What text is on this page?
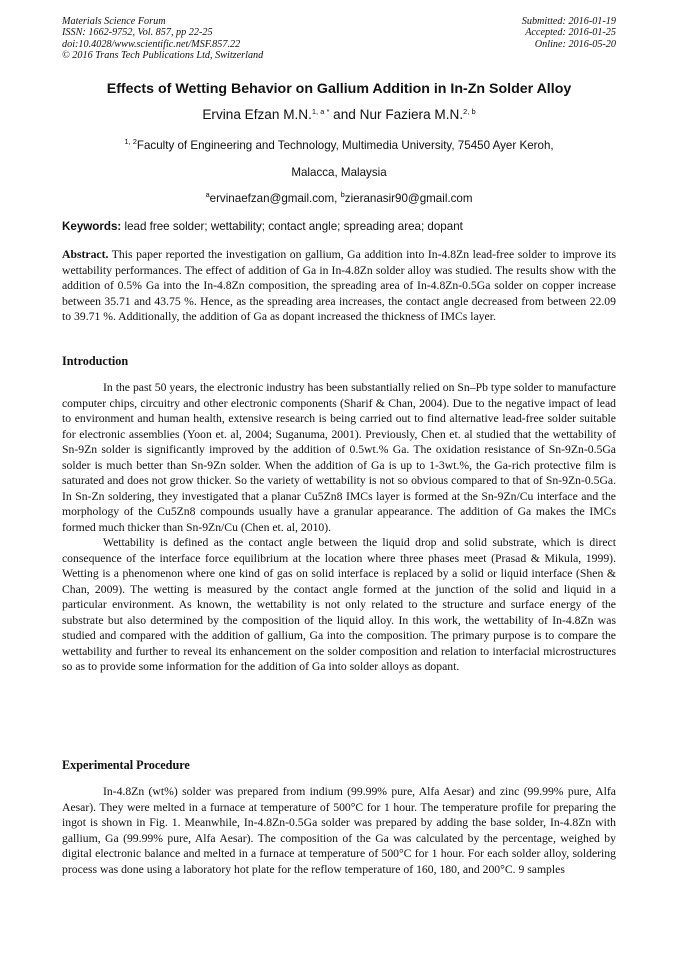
Materials Science Forum
ISSN: 1662-9752, Vol. 857, pp 22-25
doi:10.4028/www.scientific.net/MSF.857.22
© 2016 Trans Tech Publications Ltd, Switzerland
Submitted: 2016-01-19
Accepted: 2016-01-25
Online: 2016-05-20
Effects of Wetting Behavior on Gallium Addition in In-Zn Solder Alloy
Ervina Efzan M.N.$^{1, a *}$ and Nur Faziera M.N.$^{2, b}$
$^{1, 2}$Faculty of Engineering and Technology, Multimedia University, 75450 Ayer Keroh,
Malacca, Malaysia
$^a$ervinaefzan@gmail.com, $^b$zieranasir90@gmail.com
Keywords: lead free solder; wettability; contact angle; spreading area; dopant
Abstract. This paper reported the investigation on gallium, Ga addition into In-4.8Zn lead-free solder to improve its wettability performances. The effect of addition of Ga in In-4.8Zn solder alloy was studied. The results show with the addition of 0.5% Ga into the In-4.8Zn composition, the spreading area of In-4.8Zn-0.5Ga solder on copper increase between 35.71 and 43.75 %. Hence, as the spreading area increases, the contact angle decreased from between 22.09 to 39.71 %. Additionally, the addition of Ga as dopant increased the thickness of IMCs layer.
Introduction

In the past 50 years, the electronic industry has been substantially relied on Sn–Pb type solder to manufacture computer chips, circuitry and other electronic components (Sharif & Chan, 2004). Due to the negative impact of lead to environment and human health, extensive research is being carried out to find alternative lead-free solder suitable for electronic assemblies (Yoon et. al, 2004; Suganuma, 2001). Previously, Chen et. al studied that the wettability of Sn-9Zn solder is significantly improved by the addition of 0.5wt.% Ga. The oxidation resistance of Sn-9Zn-0.5Ga solder is much better than Sn-9Zn solder. When the addition of Ga is up to 1-3wt.%, the Ga-rich protective film is saturated and does not grow thicker. So the variety of wettability is not so obvious compared to that of Sn-9Zn-0.5Ga. In Sn-Zn soldering, they investigated that a planar Cu5Zn8 IMCs layer is formed at the Sn-9Zn/Cu interface and the morphology of the Cu5Zn8 compounds usually have a granular appearance. The addition of Ga makes the IMCs formed much thicker than Sn-9Zn/Cu (Chen et. al, 2010).

Wettability is defined as the contact angle between the liquid drop and solid substrate, which is direct consequence of the interface force equilibrium at the location where three phases meet (Prasad & Mikula, 1999). Wetting is a phenomenon where one kind of gas on solid interface is replaced by a solid or liquid interface (Shen & Chan, 2009). The wetting is measured by the contact angle formed at the junction of the solid and liquid in a particular environment. As known, the wettability is not only related to the structure and surface energy of the substrate but also determined by the composition of the liquid alloy. In this work, the wettability of In-4.8Zn was studied and compared with the addition of gallium, Ga into the composition. The primary purpose is to compare the wettability and further to reveal its enhancement on the solder composition and relation to interfacial microstructures so as to provide some information for the addition of Ga into solder alloys as dopant.

Experimental Procedure

In-4.8Zn (wt%) solder was prepared from indium (99.99% pure, Alfa Aesar) and zinc (99.99% pure, Alfa Aesar). They were melted in a furnace at temperature of 500°C for 1 hour. The temperature profile for preparing the ingot is shown in Fig. 1. Meanwhile, In-4.8Zn-0.5Ga solder was prepared by adding the base solder, In-4.8Zn with gallium, Ga (99.99% pure, Alfa Aesar). The composition of the Ga was calculated by the percentage, weighed by digital electronic balance and melted in a furnace at temperature of 500°C for 1 hour. For each solder alloy, soldering process was done using a laboratory hot plate for the reflow temperature of 160, 180, and 200°C. 9 samples
